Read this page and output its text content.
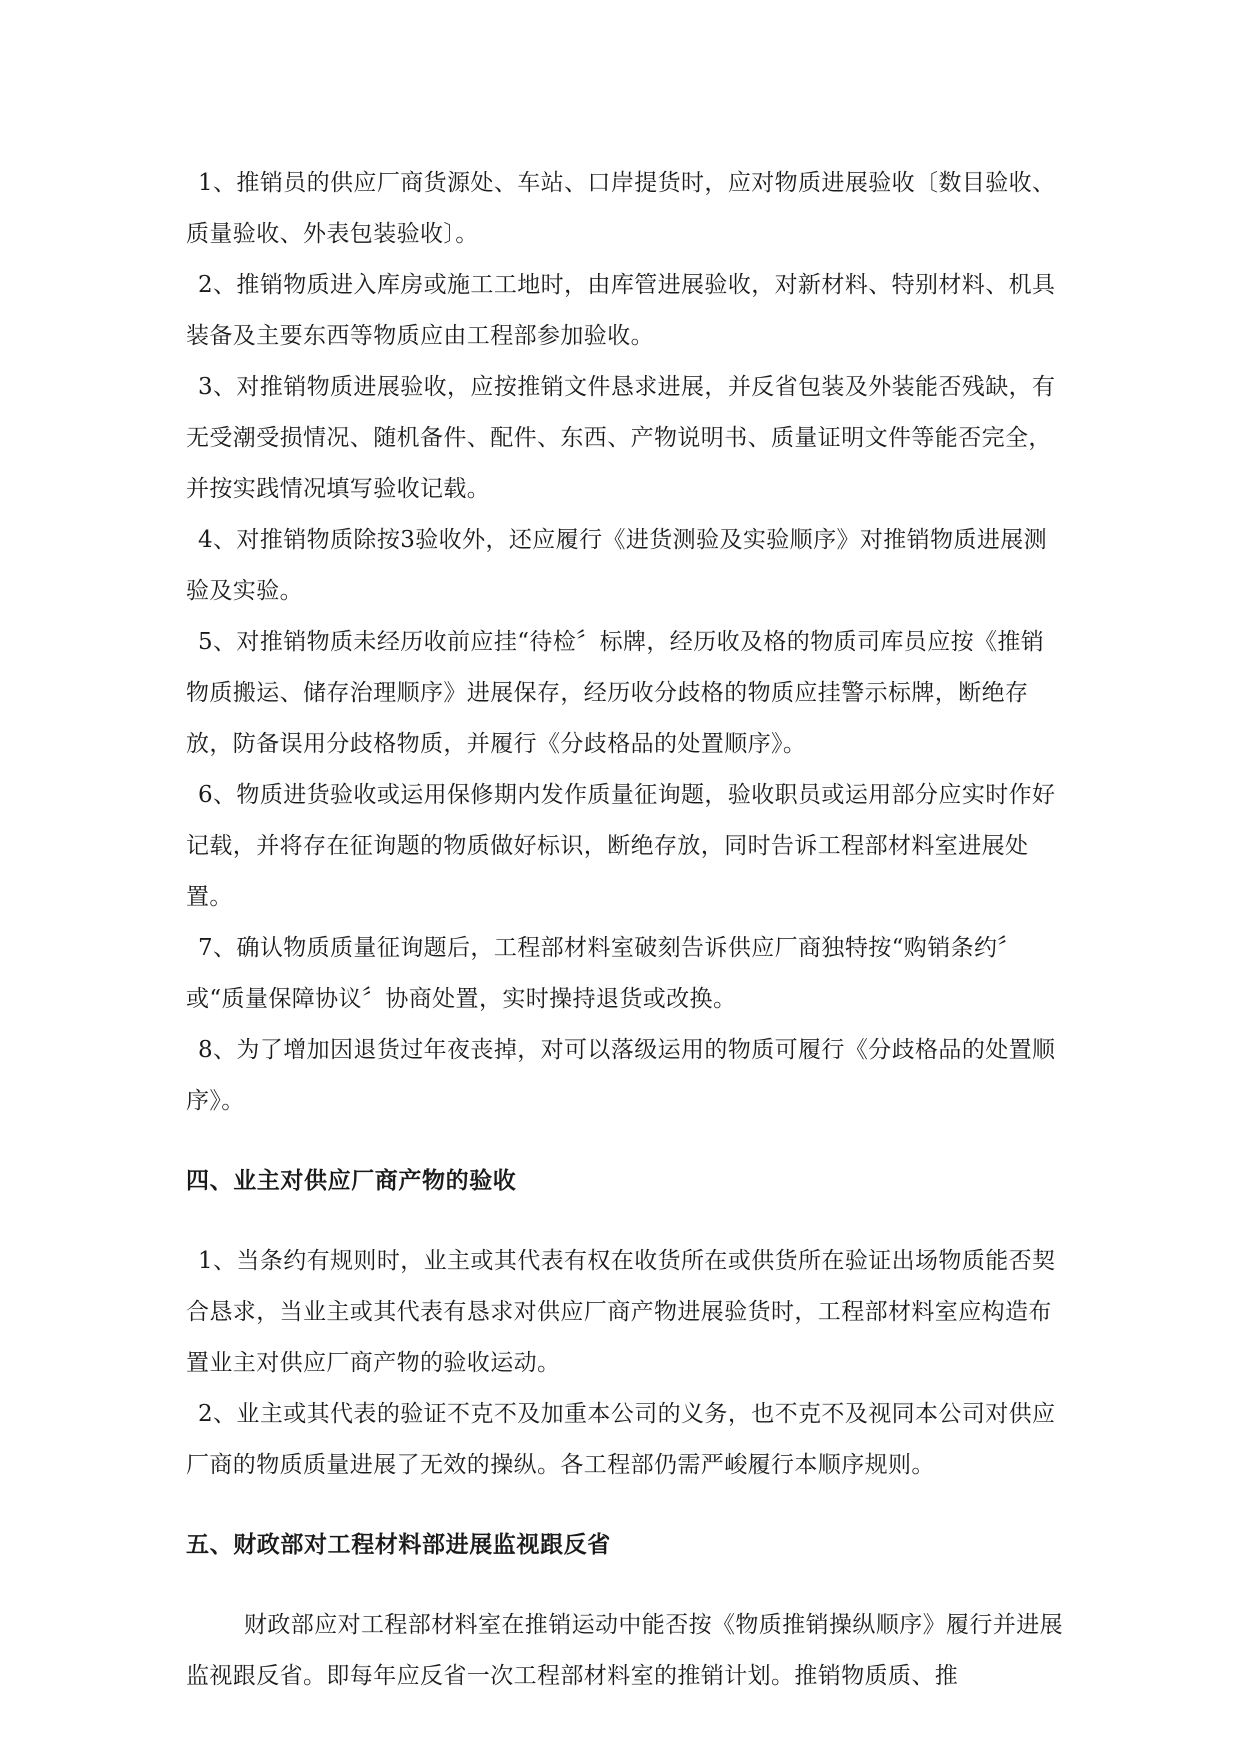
1、推销员的供应厂商货源处、车站、口岸提货时，应对物质进展验收〔数目验收、质量验收、外表包装验收〕。

2、推销物质进入库房或施工工地时，由库管进展验收，对新材料、特别材料、机具装备及主要东西等物质应由工程部参加验收。

3、对推销物质进展验收，应按推销文件恳求进展，并反省包装及外装能否残缺，有无受潮受损情况、随机备件、配件、东西、产物说明书、质量证明文件等能否完全，并按实践情况填写验收记载。

4、对推销物质除按3验收外，还应履行《进货测验及实验顺序》对推销物质进展测验及实验。

5、对推销物质未经历收前应挂“待检〞标牌，经历收及格的物质司库员应按《推销物质搬运、储存治理顺序》进展保存，经历收分歧格的物质应挂警示标牌，断绝存放，防备误用分歧格物质，并履行《分歧格品的处置顺序》。

6、物质进货验收或运用保修期内发作质量征询题，验收职员或运用部分应实时作好记载，并将存在征询题的物质做好标识，断绝存放，同时告诉工程部材料室进展处置。

7、确认物质质量征询题后，工程部材料室破刻告诉供应厂商独特按“购销条约〞或“质量保障协议〞协商处置，实时操持退货或改换。

8、为了增加因退货过年夜丧掉，对可以落级运用的物质可履行《分歧格品的处置顺序》。

四、业主对供应厂商产物的验收

1、当条约有规则时，业主或其代表有权在收货所在或供货所在验证出场物质能否契合恳求，当业主或其代表有恳求对供应厂商产物进展验货时，工程部材料室应构造布置业主对供应厂商产物的验收运动。

2、业主或其代表的验证不克不及加重本公司的义务，也不克不及视同本公司对供应厂商的物质质量进展了无效的操纵。各工程部仍需严峻履行本顺序规则。

五、财政部对工程材料部进展监视跟反省

财政部应对工程部材料室在推销运动中能否按《物质推销操纵顺序》履行并进展监视跟反省。即每年应反省一次工程部材料室的推销计划。推销物质质、推
